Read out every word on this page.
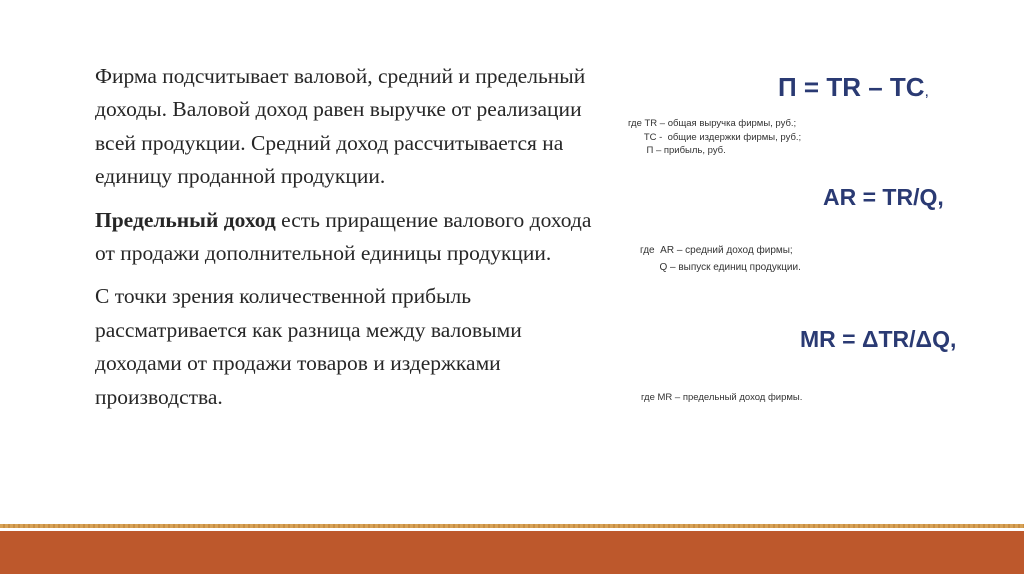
Фирма подсчитывает валовой, средний и предельный доходы. Валовой доход равен выручке от реализации всей продукции. Средний доход рассчитывается на единицу проданной продукции.

Предельный доход есть приращение валового дохода от продажи дополнительной единицы продукции.

С точки зрения количественной прибыль рассматривается как разница между валовыми доходами от продажи товаров и издержками производства.

П = TR – TC,
где TR – общая выручка фирмы, руб.;
TC -  общие издержки фирмы, руб.;
П – прибыль, руб.
AR = TR/Q,
где  AR – средний доход фирмы;
Q – выпуск единиц продукции.
MR = ΔTR/ΔQ,
где MR – предельный доход фирмы.
